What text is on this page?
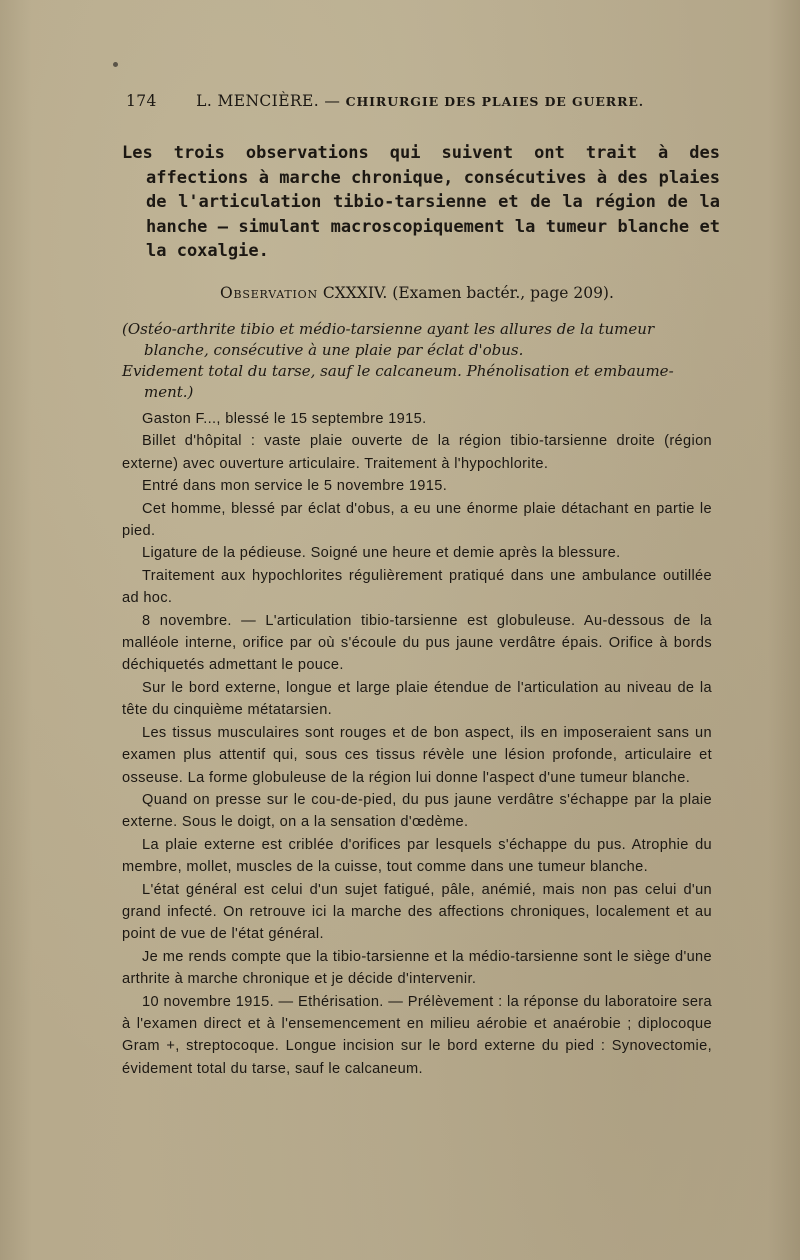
174	L. MENCIÈRE. — CHIRURGIE DES PLAIES DE GUERRE.
Les trois observations qui suivent ont trait à des affections à marche chronique, consécutives à des plaies de l'articulation tibio-tarsienne et de la région de la hanche — simulant macroscopiquement la tumeur blanche et la coxalgie.
Observation CXXXIV. (Examen bactér., page 209).
(Ostéo-arthrite tibio et médio-tarsienne ayant les allures de la tumeur
blanche, consécutive à une plaie par éclat d'obus.
Evidement total du tarse, sauf le calcaneum. Phénolisation et embaume-
ment.)

Gaston F..., blessé le 15 septembre 1915.

Billet d'hôpital : vaste plaie ouverte de la région tibio-tarsienne droite (région externe) avec ouverture articulaire. Traitement à l'hypochlorite.

Entré dans mon service le 5 novembre 1915.

Cet homme, blessé par éclat d'obus, a eu une énorme plaie détachant en partie le pied.

Ligature de la pédieuse. Soigné une heure et demie après la blessure.

Traitement aux hypochlorites régulièrement pratiqué dans une ambulance outillée ad hoc.

8 novembre. — L'articulation tibio-tarsienne est globuleuse. Au-dessous de la malléole interne, orifice par où s'écoule du pus jaune verdâtre épais. Orifice à bords déchiquetés admettant le pouce.

Sur le bord externe, longue et large plaie étendue de l'articulation au niveau de la tête du cinquième métatarsien.

Les tissus musculaires sont rouges et de bon aspect, ils en imposeraient sans un examen plus attentif qui, sous ces tissus révèle une lésion profonde, articulaire et osseuse. La forme globuleuse de la région lui donne l'aspect d'une tumeur blanche.

Quand on presse sur le cou-de-pied, du pus jaune verdâtre s'échappe par la plaie externe. Sous le doigt, on a la sensation d'œdème.

La plaie externe est criblée d'orifices par lesquels s'échappe du pus. Atrophie du membre, mollet, muscles de la cuisse, tout comme dans une tumeur blanche.

L'état général est celui d'un sujet fatigué, pâle, anémié, mais non pas celui d'un grand infecté. On retrouve ici la marche des affections chroniques, localement et au point de vue de l'état général.

Je me rends compte que la tibio-tarsienne et la médio-tarsienne sont le siège d'une arthrite à marche chronique et je décide d'intervenir.

10 novembre 1915. — Ethérisation. — Prélèvement : la réponse du laboratoire sera à l'examen direct et à l'ensemencement en milieu aérobie et anaérobie ; diplocoque Gram +, streptocoque. Longue incision sur le bord externe du pied : Synovectomie, évidement total du tarse, sauf le calcaneum.
